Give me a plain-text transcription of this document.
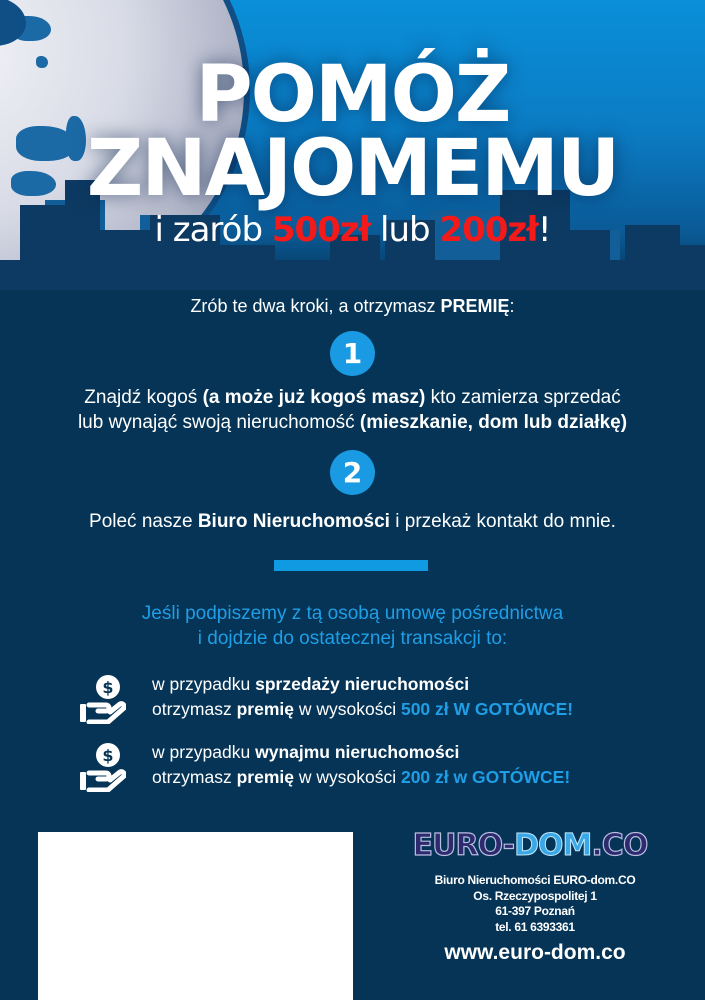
POMÓŻ
ZNAJOMEMU
i zarób 500zł lub 200zł!
Zrób te dwa kroki, a otrzymasz PREMIĘ:
1
Znajdź kogoś (a może już kogoś masz) kto zamierza sprzedać
lub wynająć swoją nieruchomość (mieszkanie, dom lub działkę)
2
Poleć nasze Biuro Nieruchomości i przekaż kontakt do mnie.
Jeśli podpiszemy z tą osobą umowę pośrednictwa
i dojdzie do ostatecznej transakcji to:
$ w przypadku sprzedaży nieruchomości
otrzymasz premię w wysokości 500 zł W GOTÓWCE!
$ w przypadku wynajmu nieruchomości
otrzymasz premię w wysokości 200 zł w GOTÓWCE!
EURO-DOM.CO
Biuro Nieruchomości EURO-dom.CO
Os. Rzeczypospolitej 1
61-397 Poznań
tel. 61 6393361
www.euro-dom.co
